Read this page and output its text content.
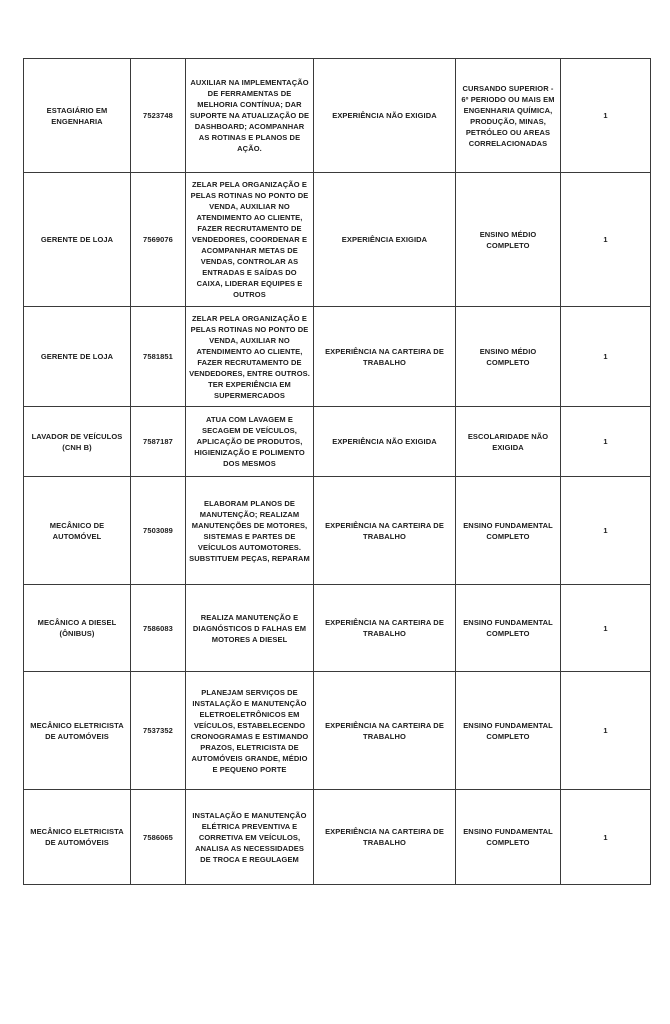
ESTAGIÁRIO EM ENGENHARIA	7523748	AUXILIAR NA IMPLEMENTAÇÃO DE FERRAMENTAS DE MELHORIA CONTÍNUA; DAR SUPORTE NA ATUALIZAÇÃO DE DASHBOARD; ACOMPANHAR AS ROTINAS E PLANOS DE AÇÃO.	EXPERIÊNCIA NÃO EXIGIDA	CURSANDO SUPERIOR - 6º PERIODO OU MAIS EM ENGENHARIA QUÍMICA, PRODUÇÃO, MINAS, PETRÓLEO OU AREAS CORRELACIONADAS	1
GERENTE DE LOJA	7569076	ZELAR PELA ORGANIZAÇÃO E PELAS ROTINAS NO PONTO DE VENDA, AUXILIAR NO ATENDIMENTO AO CLIENTE, FAZER RECRUTAMENTO DE VENDEDORES, COORDENAR E ACOMPANHAR METAS DE VENDAS, CONTROLAR AS ENTRADAS E SAÍDAS DO CAIXA, LIDERAR EQUIPES E OUTROS	EXPERIÊNCIA EXIGIDA	ENSINO MÉDIO COMPLETO	1
GERENTE DE LOJA	7581851	ZELAR PELA ORGANIZAÇÃO E PELAS ROTINAS NO PONTO DE VENDA, AUXILIAR NO ATENDIMENTO AO CLIENTE, FAZER RECRUTAMENTO DE VENDEDORES, ENTRE OUTROS. TER EXPERIÊNCIA EM SUPERMERCADOS	EXPERIÊNCIA NA CARTEIRA DE TRABALHO	ENSINO MÉDIO COMPLETO	1
LAVADOR DE VEÍCULOS (CNH B)	7587187	ATUA COM LAVAGEM E SECAGEM DE VEÍCULOS, APLICAÇÃO DE PRODUTOS, HIGIENIZAÇÃO E POLIMENTO DOS MESMOS	EXPERIÊNCIA NÃO EXIGIDA	ESCOLARIDADE NÃO EXIGIDA	1
MECÂNICO DE AUTOMÓVEL	7503089	ELABORAM PLANOS DE MANUTENÇÃO; REALIZAM MANUTENÇÕES DE MOTORES, SISTEMAS E PARTES DE VEÍCULOS AUTOMOTORES. SUBSTITUEM PEÇAS, REPARAM	EXPERIÊNCIA NA CARTEIRA DE TRABALHO	ENSINO FUNDAMENTAL COMPLETO	1
MECÂNICO A DIESEL (ÔNIBUS)	7586083	REALIZA MANUTENÇÃO E DIAGNÓSTICOS D FALHAS EM MOTORES A DIESEL	EXPERIÊNCIA NA CARTEIRA DE TRABALHO	ENSINO FUNDAMENTAL COMPLETO	1
MECÂNICO ELETRICISTA DE AUTOMÓVEIS	7537352	PLANEJAM SERVIÇOS DE INSTALAÇÃO E MANUTENÇÃO ELETROELETRÔNICOS EM VEÍCULOS, ESTABELECENDO CRONOGRAMAS E ESTIMANDO PRAZOS, ELETRICISTA DE AUTOMÓVEIS GRANDE, MÉDIO E PEQUENO PORTE	EXPERIÊNCIA NA CARTEIRA DE TRABALHO	ENSINO FUNDAMENTAL COMPLETO	1
MECÂNICO ELETRICISTA DE AUTOMÓVEIS	7586065	INSTALAÇÃO E MANUTENÇÃO ELÉTRICA PREVENTIVA E CORRETIVA EM VEÍCULOS, ANALISA AS NECESSIDADES DE TROCA E REGULAGEM	EXPERIÊNCIA NA CARTEIRA DE TRABALHO	ENSINO FUNDAMENTAL COMPLETO	1
